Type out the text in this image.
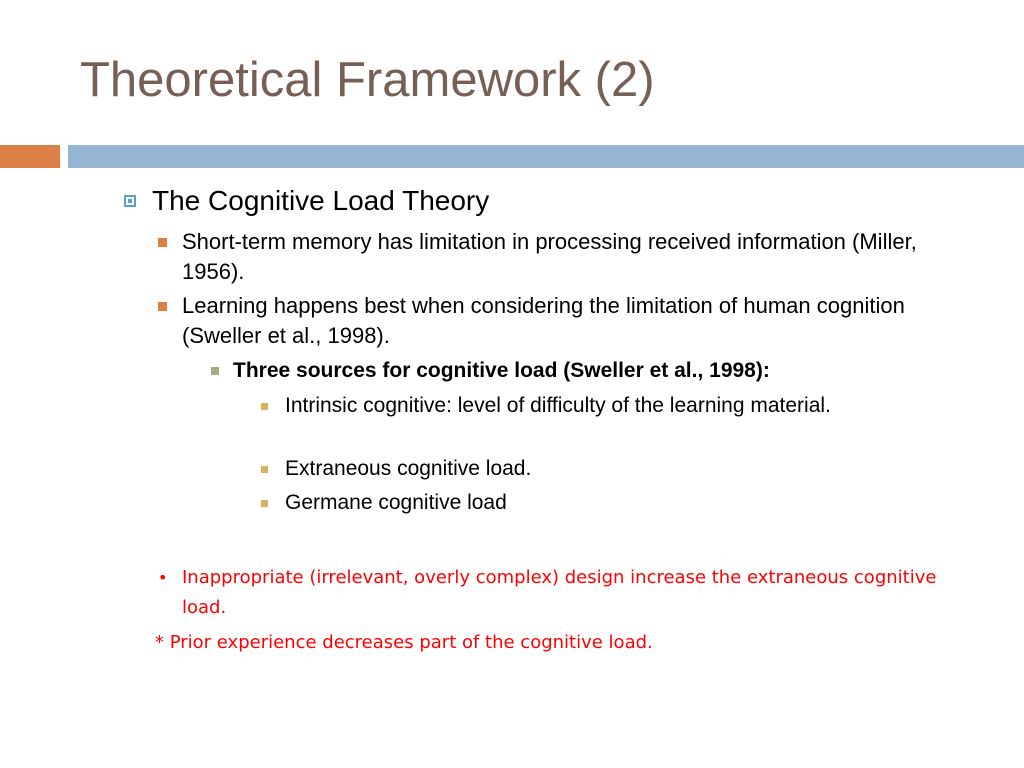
Theoretical Framework (2)
The Cognitive Load Theory
Short-term memory has limitation in processing received information (Miller, 1956).
Learning happens best when considering the limitation of human cognition (Sweller et al., 1998).
Three sources for cognitive load (Sweller et al., 1998):
Intrinsic cognitive: level of difficulty of the learning material.
Extraneous cognitive load.
Germane cognitive load
• Inappropriate (irrelevant, overly complex) design increase the extraneous cognitive load.
* Prior experience decreases part of the cognitive load.
